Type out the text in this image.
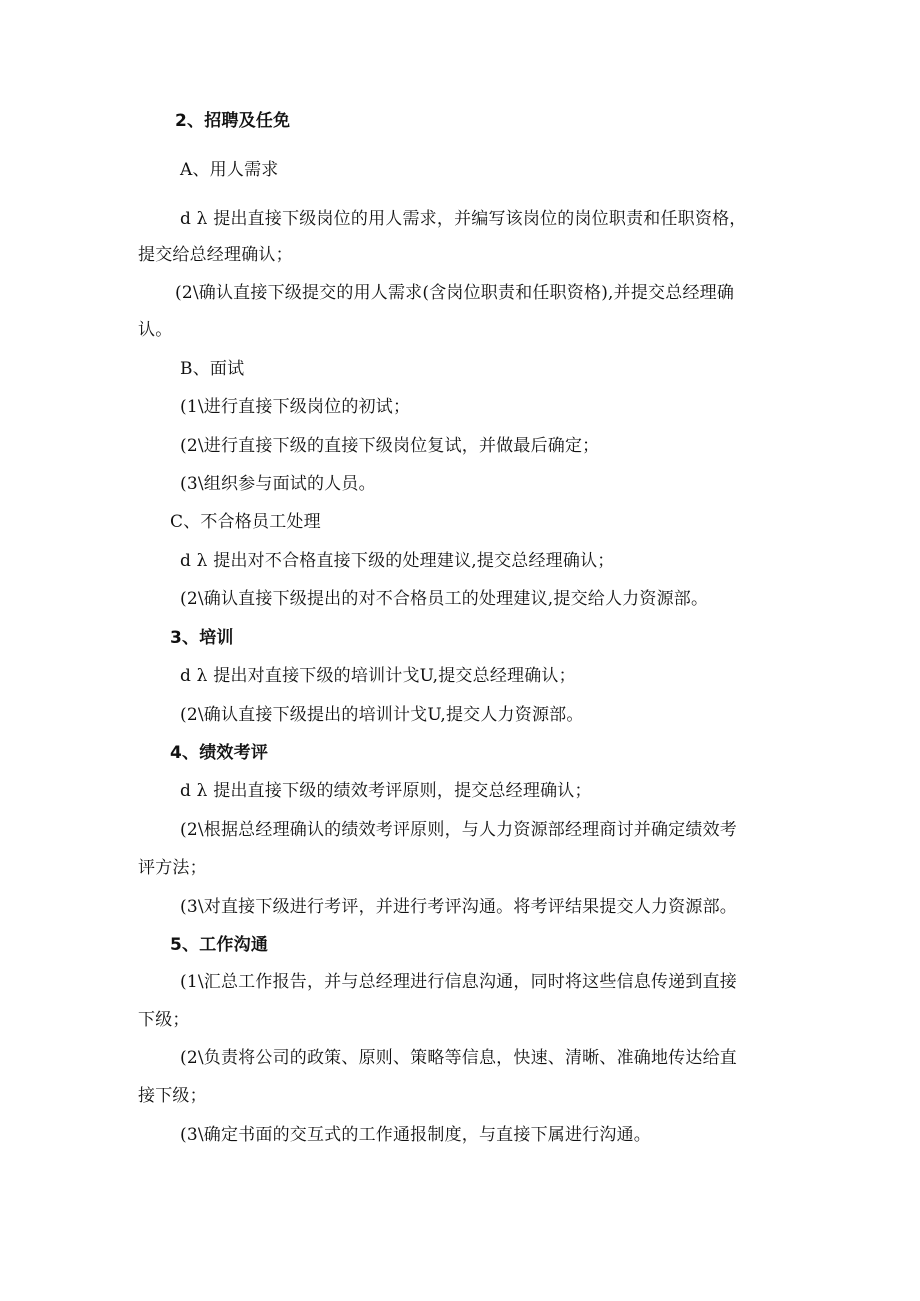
2、招聘及任免

A、用人需求

d λ 提出直接下级岗位的用人需求，并编写该岗位的岗位职责和任职资格，

提交给总经理确认；

(2\确认直接下级提交的用人需求(含岗位职责和任职资格),并提交总经理确

认。

B、面试

(1\进行直接下级岗位的初试；

(2\进行直接下级的直接下级岗位复试，并做最后确定；

(3\组织参与面试的人员。

C、不合格员工处理

d λ 提出对不合格直接下级的处理建议,提交总经理确认；

(2\确认直接下级提出的对不合格员工的处理建议,提交给人力资源部。

3、培训

d λ 提出对直接下级的培训计戈U,提交总经理确认；

(2\确认直接下级提出的培训计戈U,提交人力资源部。

4、绩效考评

d λ 提出直接下级的绩效考评原则，提交总经理确认；

(2\根据总经理确认的绩效考评原则，与人力资源部经理商讨并确定绩效考

评方法；

(3\对直接下级进行考评，并进行考评沟通。将考评结果提交人力资源部。

5、工作沟通

(1\汇总工作报告，并与总经理进行信息沟通，同时将这些信息传递到直接

下级；

(2\负责将公司的政策、原则、策略等信息，快速、清晰、准确地传达给直

接下级；

(3\确定书面的交互式的工作通报制度，与直接下属进行沟通。
